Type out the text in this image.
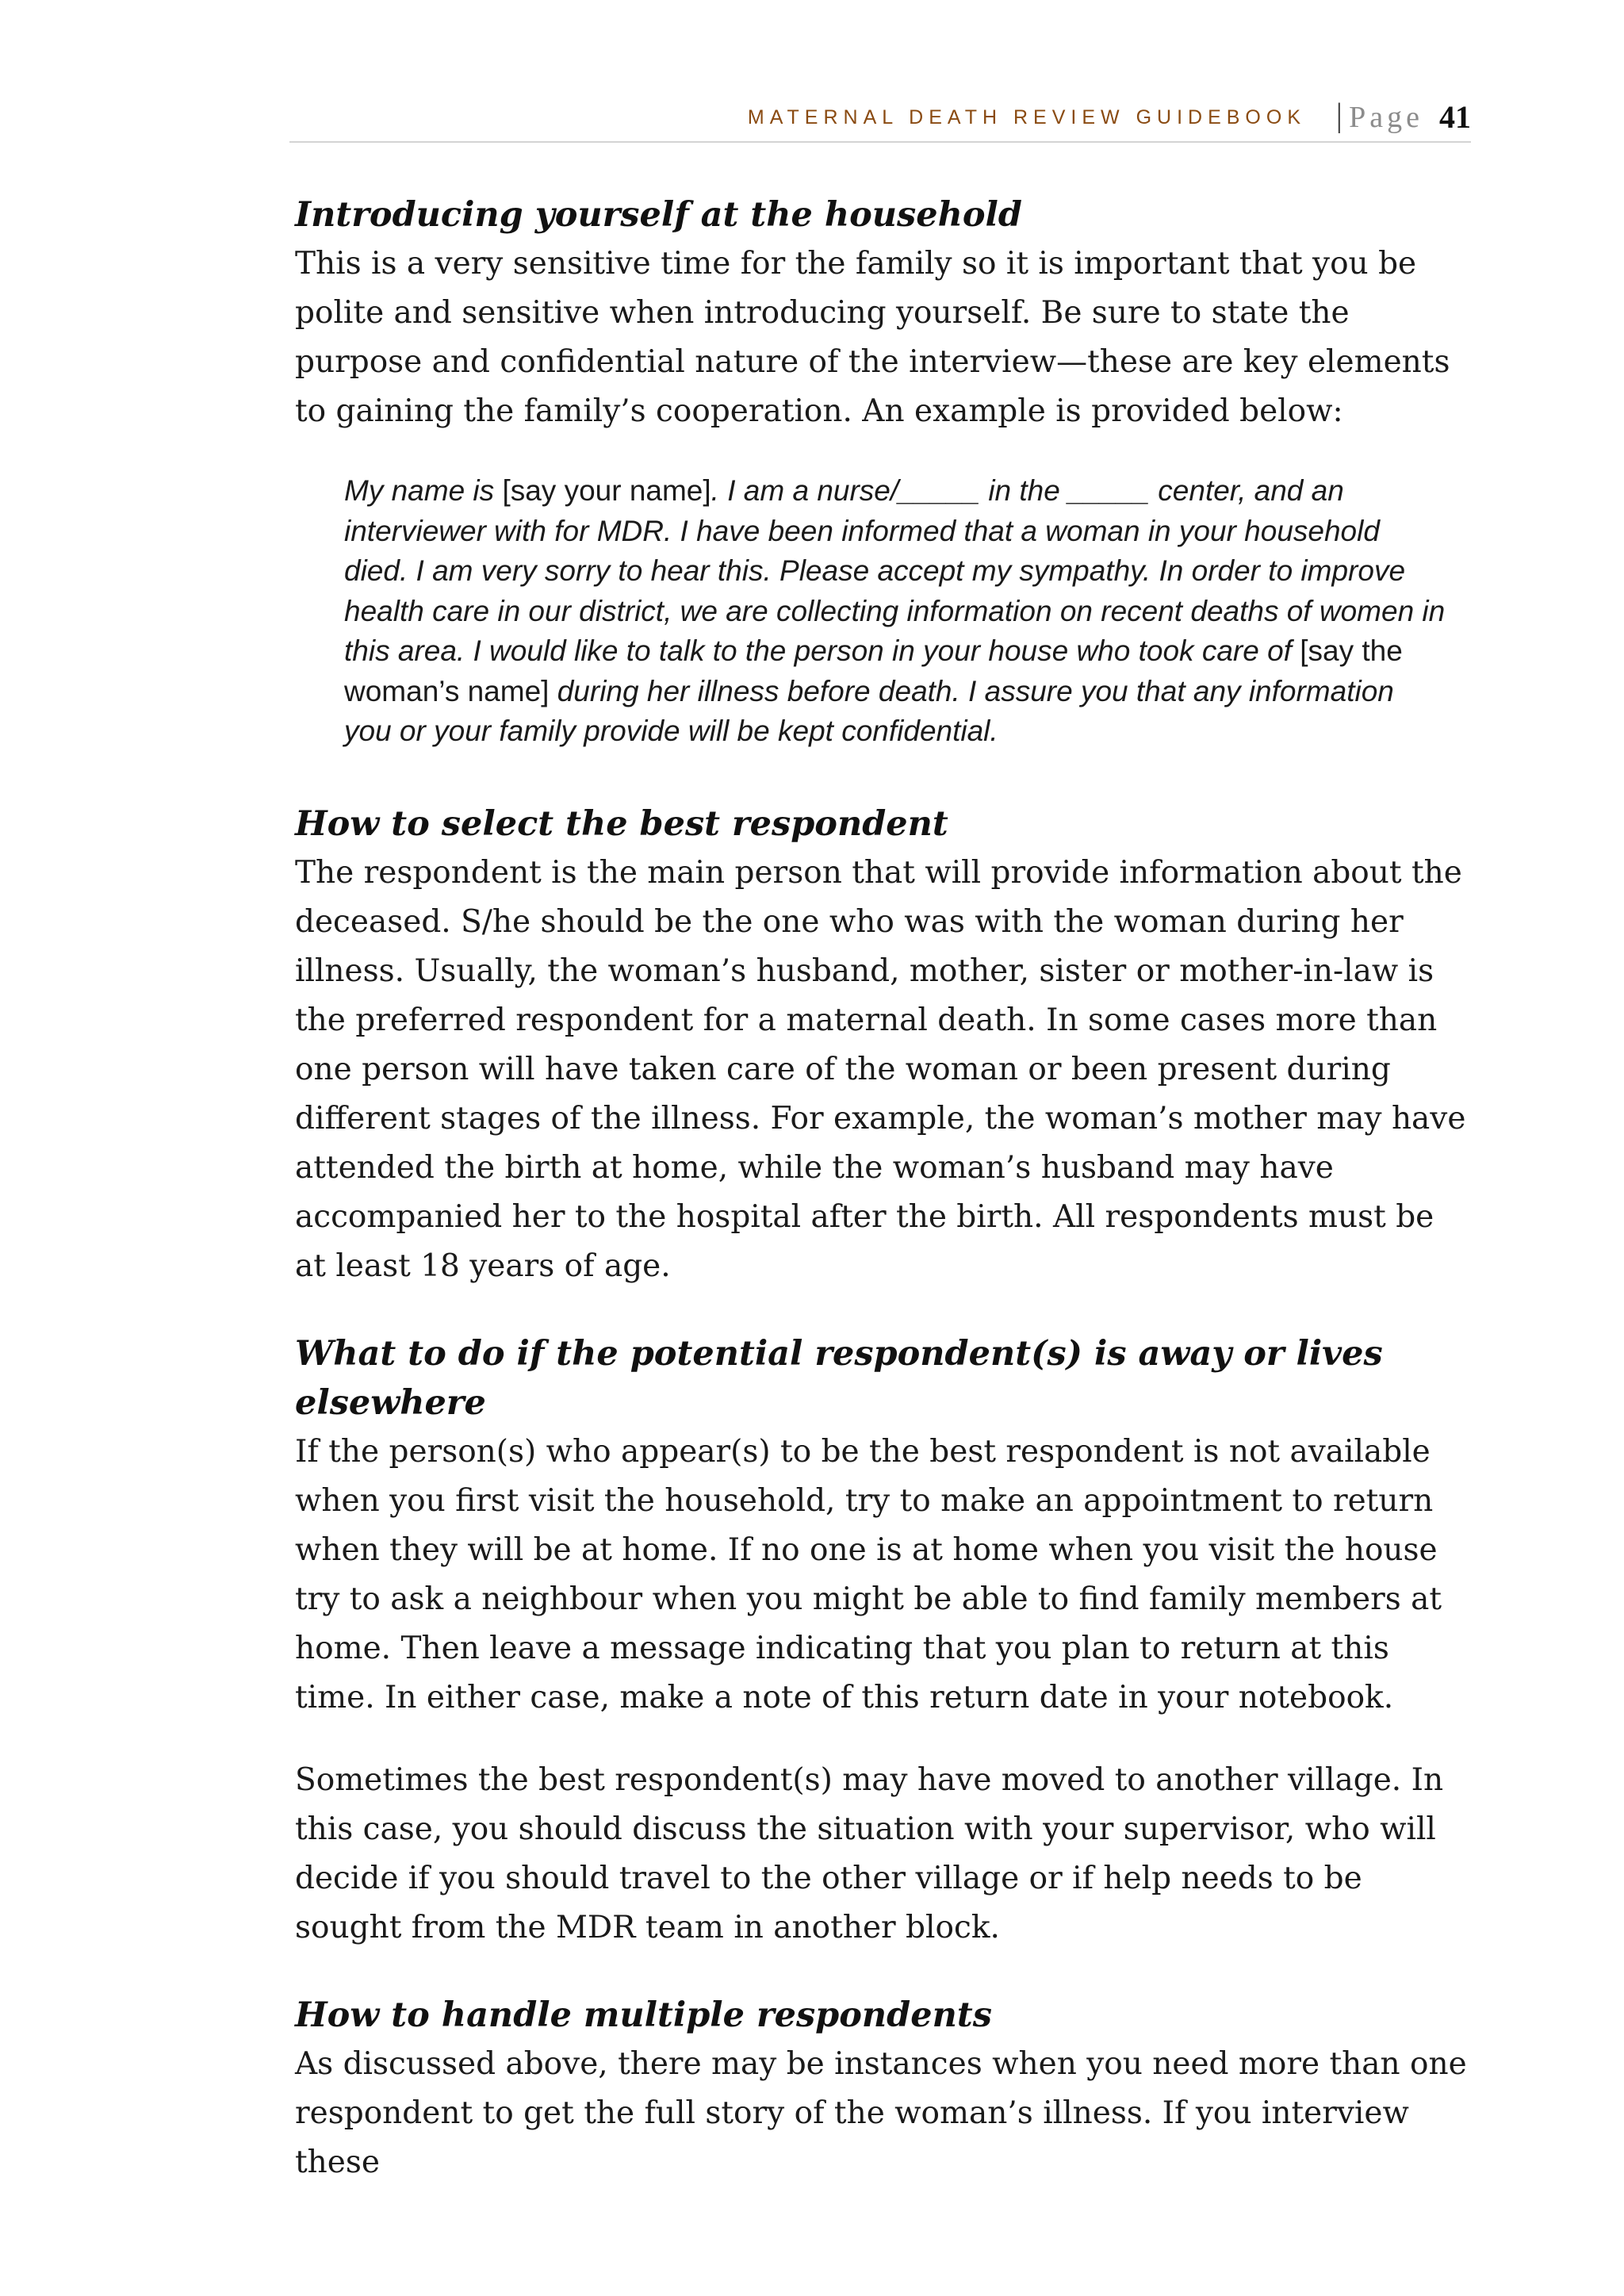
MATERNAL DEATH REVIEW GUIDEBOOK | Page 41
Introducing yourself at the household

This is a very sensitive time for the family so it is important that you be polite and sensitive when introducing yourself. Be sure to state the purpose and confidential nature of the interview—these are key elements to gaining the family’s cooperation. An example is provided below:

My name is [say your name]. I am a nurse/_____ in the _____ center, and an interviewer with for MDR. I have been informed that a woman in your household died. I am very sorry to hear this. Please accept my sympathy. In order to improve health care in our district, we are collecting information on recent deaths of women in this area. I would like to talk to the person in your house who took care of [say the woman’s name] during her illness before death. I assure you that any information you or your family provide will be kept confidential.
How to select the best respondent

The respondent is the main person that will provide information about the deceased. S/he should be the one who was with the woman during her illness. Usually, the woman’s husband, mother, sister or mother-in-law is the preferred respondent for a maternal death. In some cases more than one person will have taken care of the woman or been present during different stages of the illness. For example, the woman’s mother may have attended the birth at home, while the woman’s husband may have accompanied her to the hospital after the birth. All respondents must be at least 18 years of age.

What to do if the potential respondent(s) is away or lives elsewhere

If the person(s) who appear(s) to be the best respondent is not available when you first visit the household, try to make an appointment to return when they will be at home. If no one is at home when you visit the house try to ask a neighbour when you might be able to find family members at home. Then leave a message indicating that you plan to return at this time. In either case, make a note of this return date in your notebook.

Sometimes the best respondent(s) may have moved to another village. In this case, you should discuss the situation with your supervisor, who will decide if you should travel to the other village or if help needs to be sought from the MDR team in another block.

How to handle multiple respondents

As discussed above, there may be instances when you need more than one respondent to get the full story of the woman’s illness. If you interview these
